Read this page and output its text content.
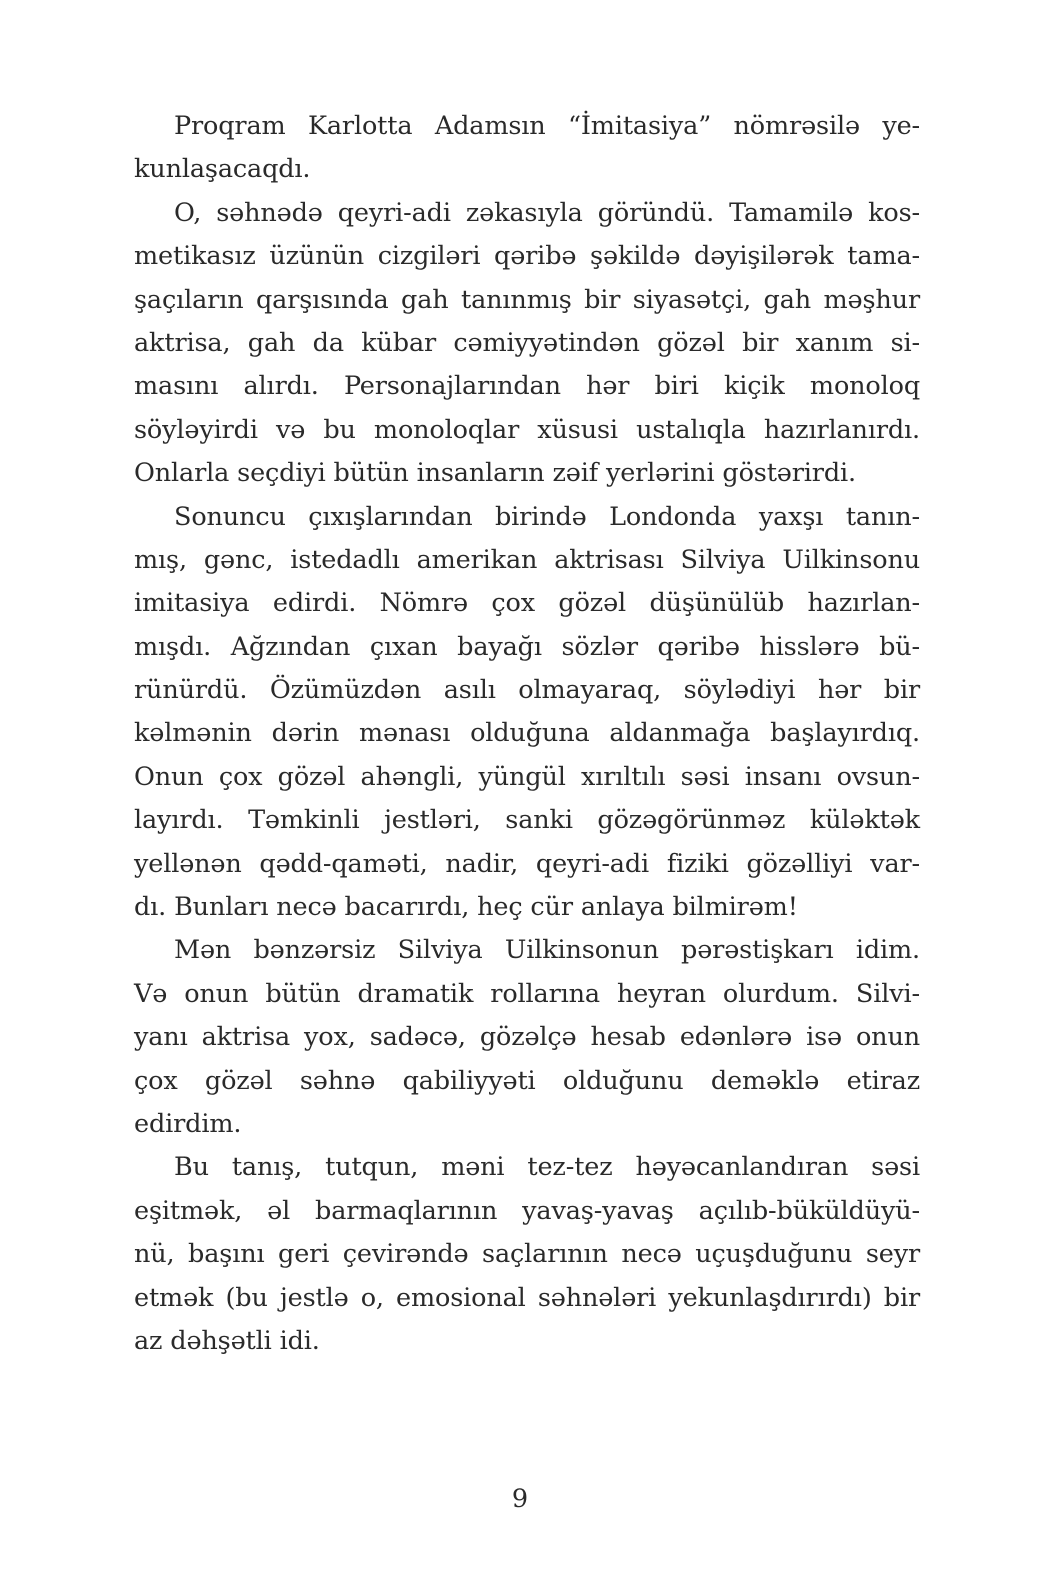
Proqram Karlotta Adamsın “İmitasiya” nömrəsilə ye-
kunlaşacaqdı.
O, səhnədə qeyri-adi zəkasıyla göründü. Tamamilə kos-
metikasız üzünün cizgiləri qəribə şəkildə dəyişilərək tama-
şaçıların qarşısında gah tanınmış bir siyasətçi, gah məşhur
aktrisa, gah da kübar cəmiyyətindən gözəl bir xanım si-
masını alırdı. Personajlarından hər biri kiçik monoloq
söyləyirdi və bu monoloqlar xüsusi ustalıqla hazırlanırdı.
Onlarla seçdiyi bütün insanların zəif yerlərini göstərirdi.
Sonuncu çıxışlarından birində Londonda yaxşı tanın-
mış, gənc, istedadlı amerikan aktrisası Silviya Uilkinsonu
imitasiya edirdi. Nömrə çox gözəl düşünülüb hazırlan-
mışdı. Ağzından çıxan bayağı sözlər qəribə hisslərə bü-
rünürdü. Özümüzdən asılı olmayaraq, söylədiyi hər bir
kəlmənin dərin mənası olduğuna aldanmağa başlayırdıq.
Onun çox gözəl ahəngli, yüngül xırıltılı səsi insanı ovsun-
layırdı. Təmkinli jestləri, sanki gözəgörünməz küləktək
yellənən qədd-qaməti, nadir, qeyri-adi fiziki gözəlliyi var-
dı. Bunları necə bacarırdı, heç cür anlaya bilmirəm!
Mən bənzərsiz Silviya Uilkinsonun pərəstişkarı idim.
Və onun bütün dramatik rollarına heyran olurdum. Silvi-
yanı aktrisa yox, sadəcə, gözəlçə hesab edənlərə isə onun
çox gözəl səhnə qabiliyyəti olduğunu deməklə etiraz
edirdim.
Bu tanış, tutqun, məni tez-tez həyəcanlandıran səsi
eşitmək, əl barmaqlarının yavaş-yavaş açılıb-büküldüyü-
nü, başını geri çevirəndə saçlarının necə uçuşduğunu seyr
etmək (bu jestlə o, emosional səhnələri yekunlaşdırırdı) bir
az dəhşətli idi.
9
